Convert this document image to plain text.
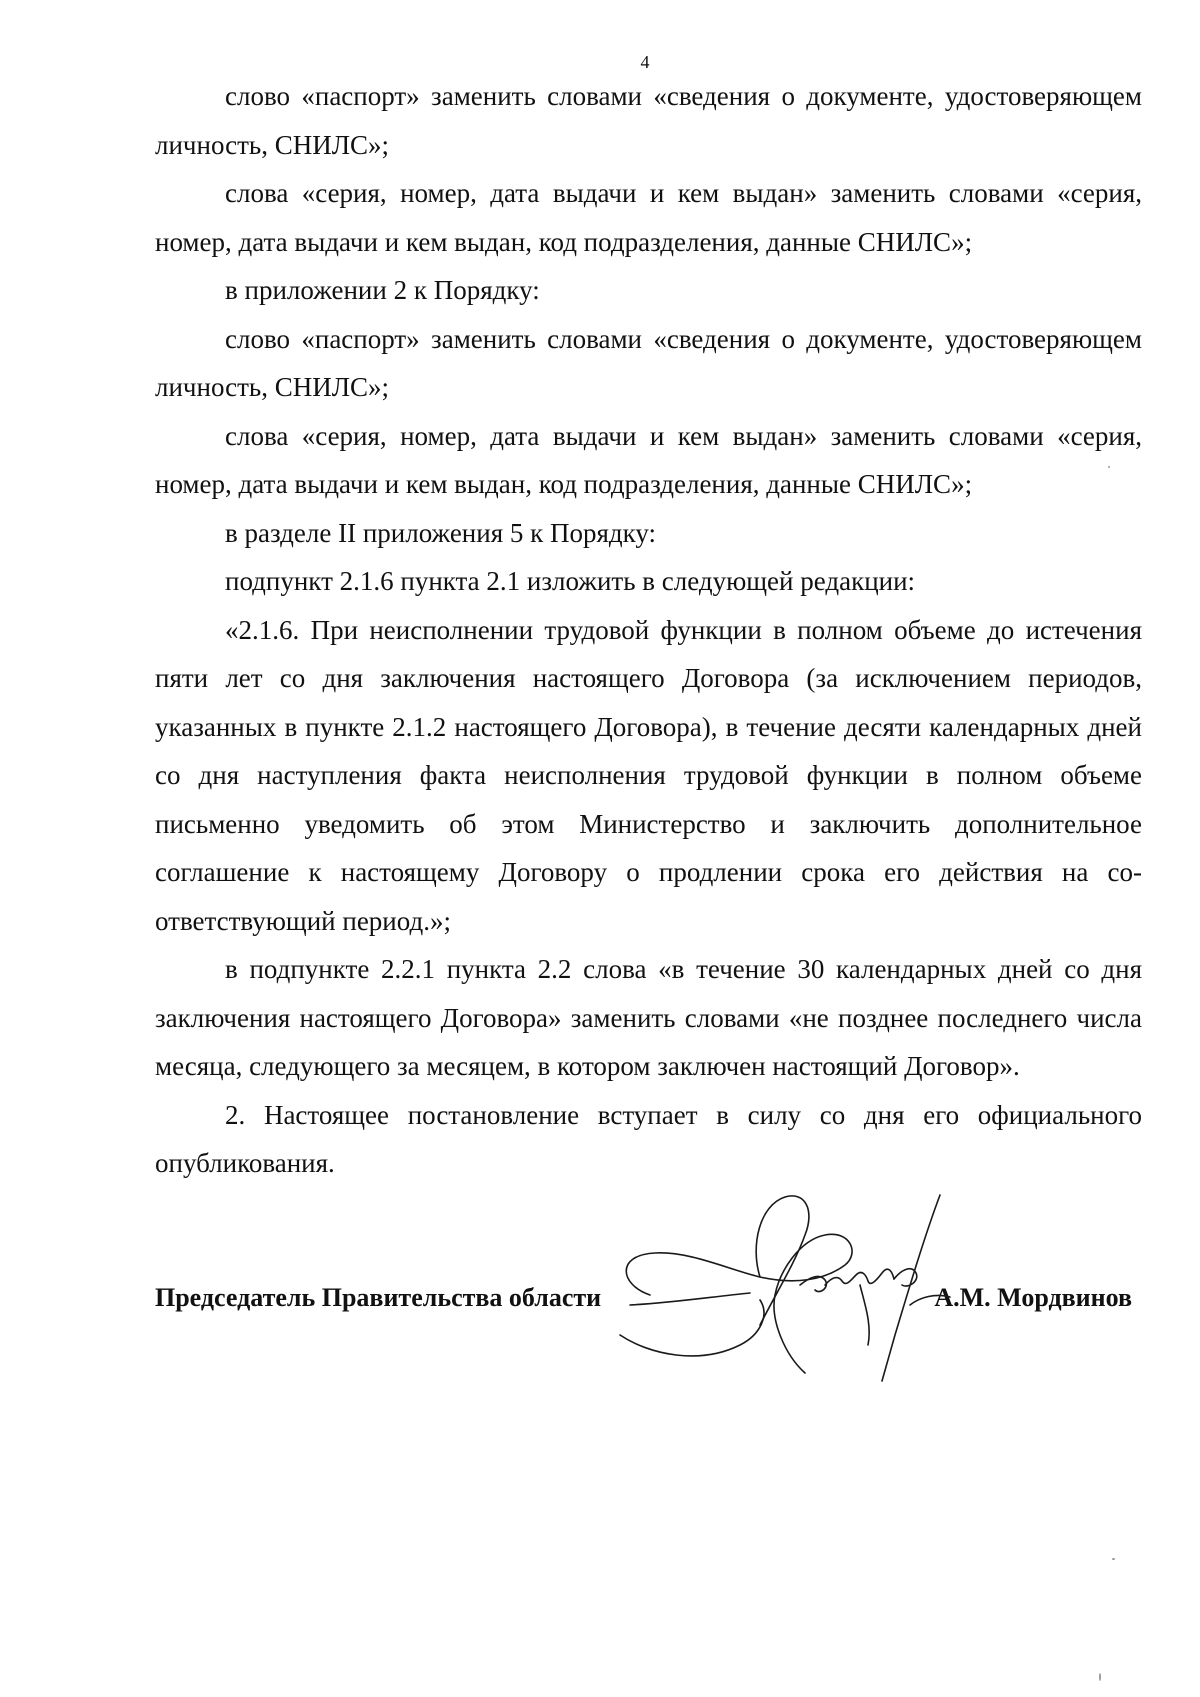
4

слово «паспорт» заменить словами «сведения о документе, удостоверяющем личность, СНИЛС»;

слова «серия, номер, дата выдачи и кем выдан» заменить словами «серия, номер, дата выдачи и кем выдан, код подразделения, данные СНИЛС»;

в приложении 2 к Порядку:

слово «паспорт» заменить словами «сведения о документе, удостоверяющем личность, СНИЛС»;

слова «серия, номер, дата выдачи и кем выдан» заменить словами «серия, номер, дата выдачи и кем выдан, код подразделения, данные СНИЛС»;

в разделе II приложения 5 к Порядку:

подпункт 2.1.6 пункта 2.1 изложить в следующей редакции:

«2.1.6. При неисполнении трудовой функции в полном объеме до истечения пяти лет со дня заключения настоящего Договора (за исключением периодов, указанных в пункте 2.1.2 настоящего Договора), в течение десяти календарных дней со дня наступления факта неисполнения трудовой функции в полном объеме письменно уведомить об этом Министерство и заключить дополнительное соглашение к настоящему Договору о продлении срока его действия на соответствующий период.»;

в подпункте 2.2.1 пункта 2.2 слова «в течение 30 календарных дней со дня заключения настоящего Договора» заменить словами «не позднее последнего числа месяца, следующего за месяцем, в котором заключен настоящий Договор».

2. Настоящее постановление вступает в силу со дня его официального опубликования.

Председатель Правительства области	А.М. Мордвинов
